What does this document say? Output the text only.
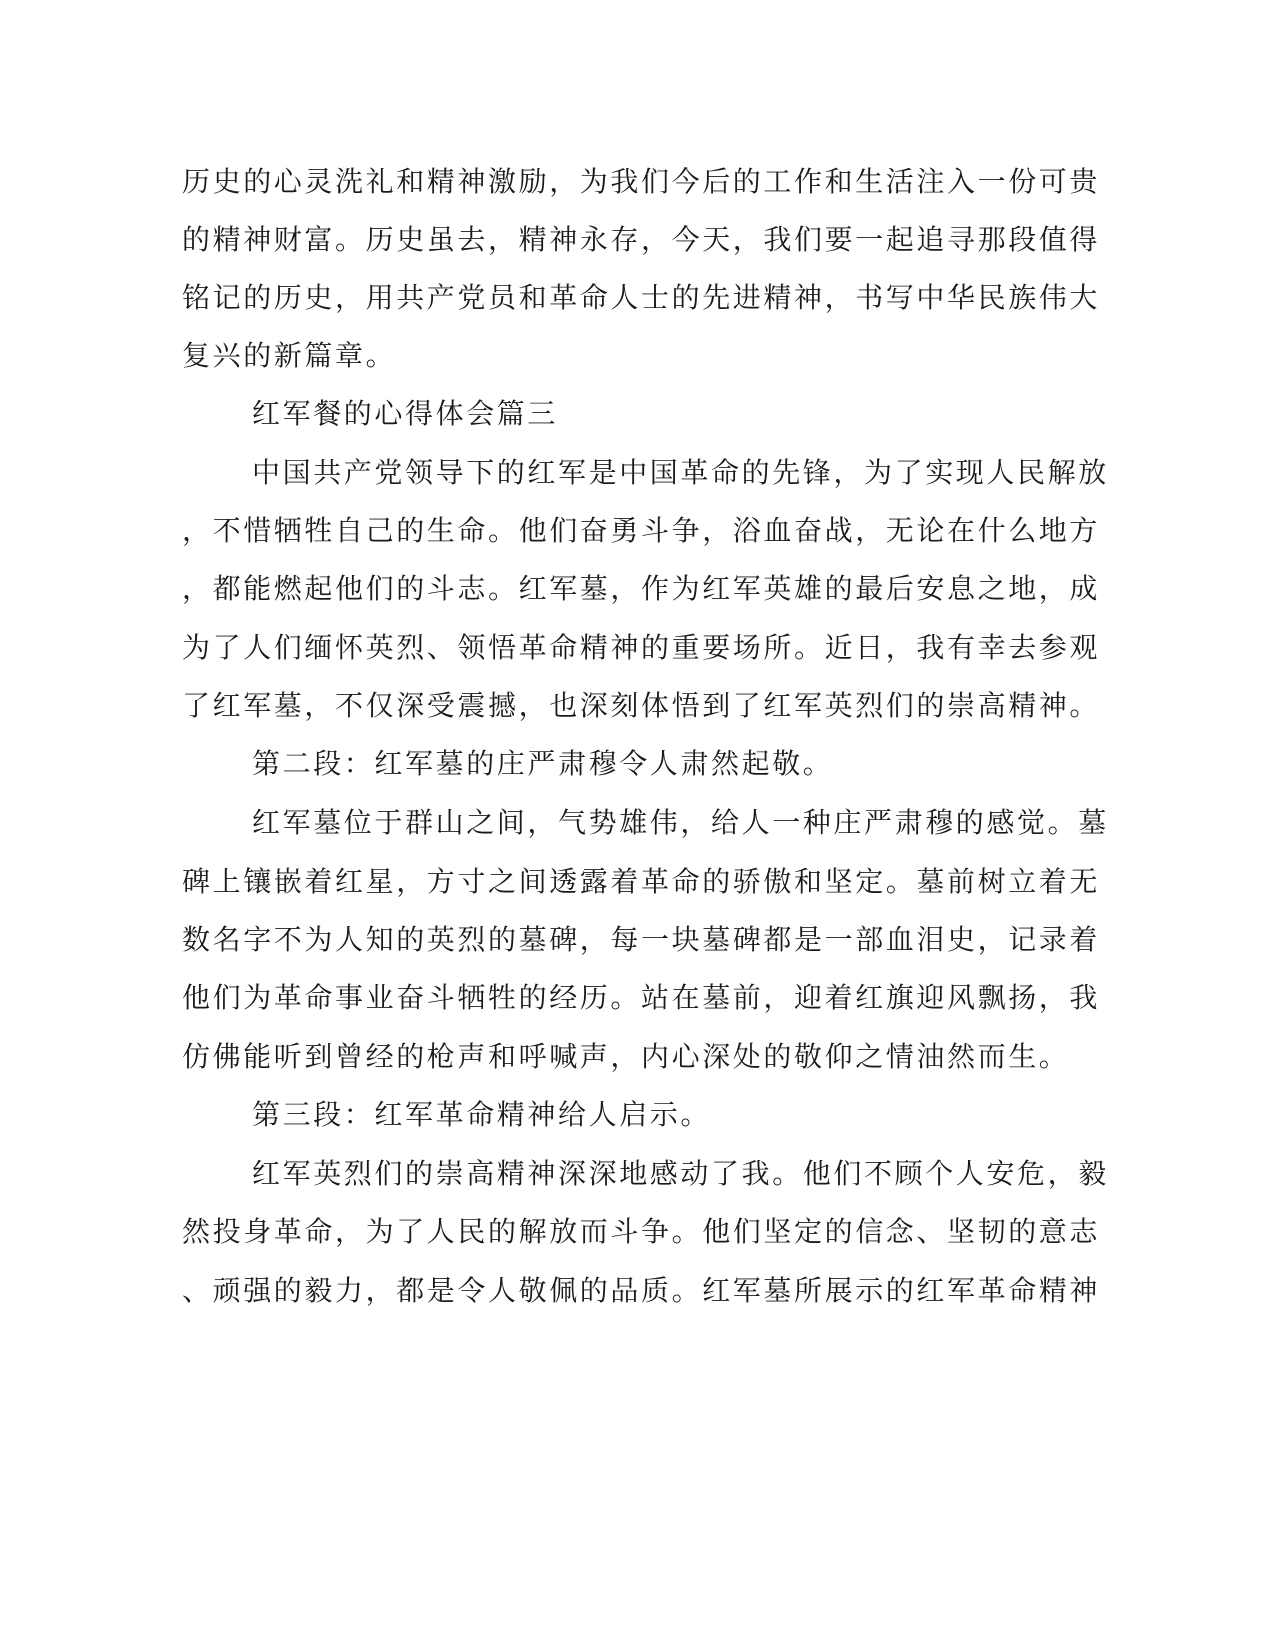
历史的心灵洗礼和精神激励，为我们今后的工作和生活注入一份可贵
的精神财富。历史虽去，精神永存，今天，我们要一起追寻那段值得
铭记的历史，用共产党员和革命人士的先进精神，书写中华民族伟大
复兴的新篇章。
红军餐的心得体会篇三
中国共产党领导下的红军是中国革命的先锋，为了实现人民解放
，不惜牺牲自己的生命。他们奋勇斗争，浴血奋战，无论在什么地方
，都能燃起他们的斗志。红军墓，作为红军英雄的最后安息之地，成
为了人们缅怀英烈、领悟革命精神的重要场所。近日，我有幸去参观
了红军墓，不仅深受震撼，也深刻体悟到了红军英烈们的崇高精神。
第二段：红军墓的庄严肃穆令人肃然起敬。
红军墓位于群山之间，气势雄伟，给人一种庄严肃穆的感觉。墓
碑上镶嵌着红星，方寸之间透露着革命的骄傲和坚定。墓前树立着无
数名字不为人知的英烈的墓碑，每一块墓碑都是一部血泪史，记录着
他们为革命事业奋斗牺牲的经历。站在墓前，迎着红旗迎风飘扬，我
仿佛能听到曾经的枪声和呼喊声，内心深处的敬仰之情油然而生。
第三段：红军革命精神给人启示。
红军英烈们的崇高精神深深地感动了我。他们不顾个人安危，毅
然投身革命，为了人民的解放而斗争。他们坚定的信念、坚韧的意志
、顽强的毅力，都是令人敬佩的品质。红军墓所展示的红军革命精神
